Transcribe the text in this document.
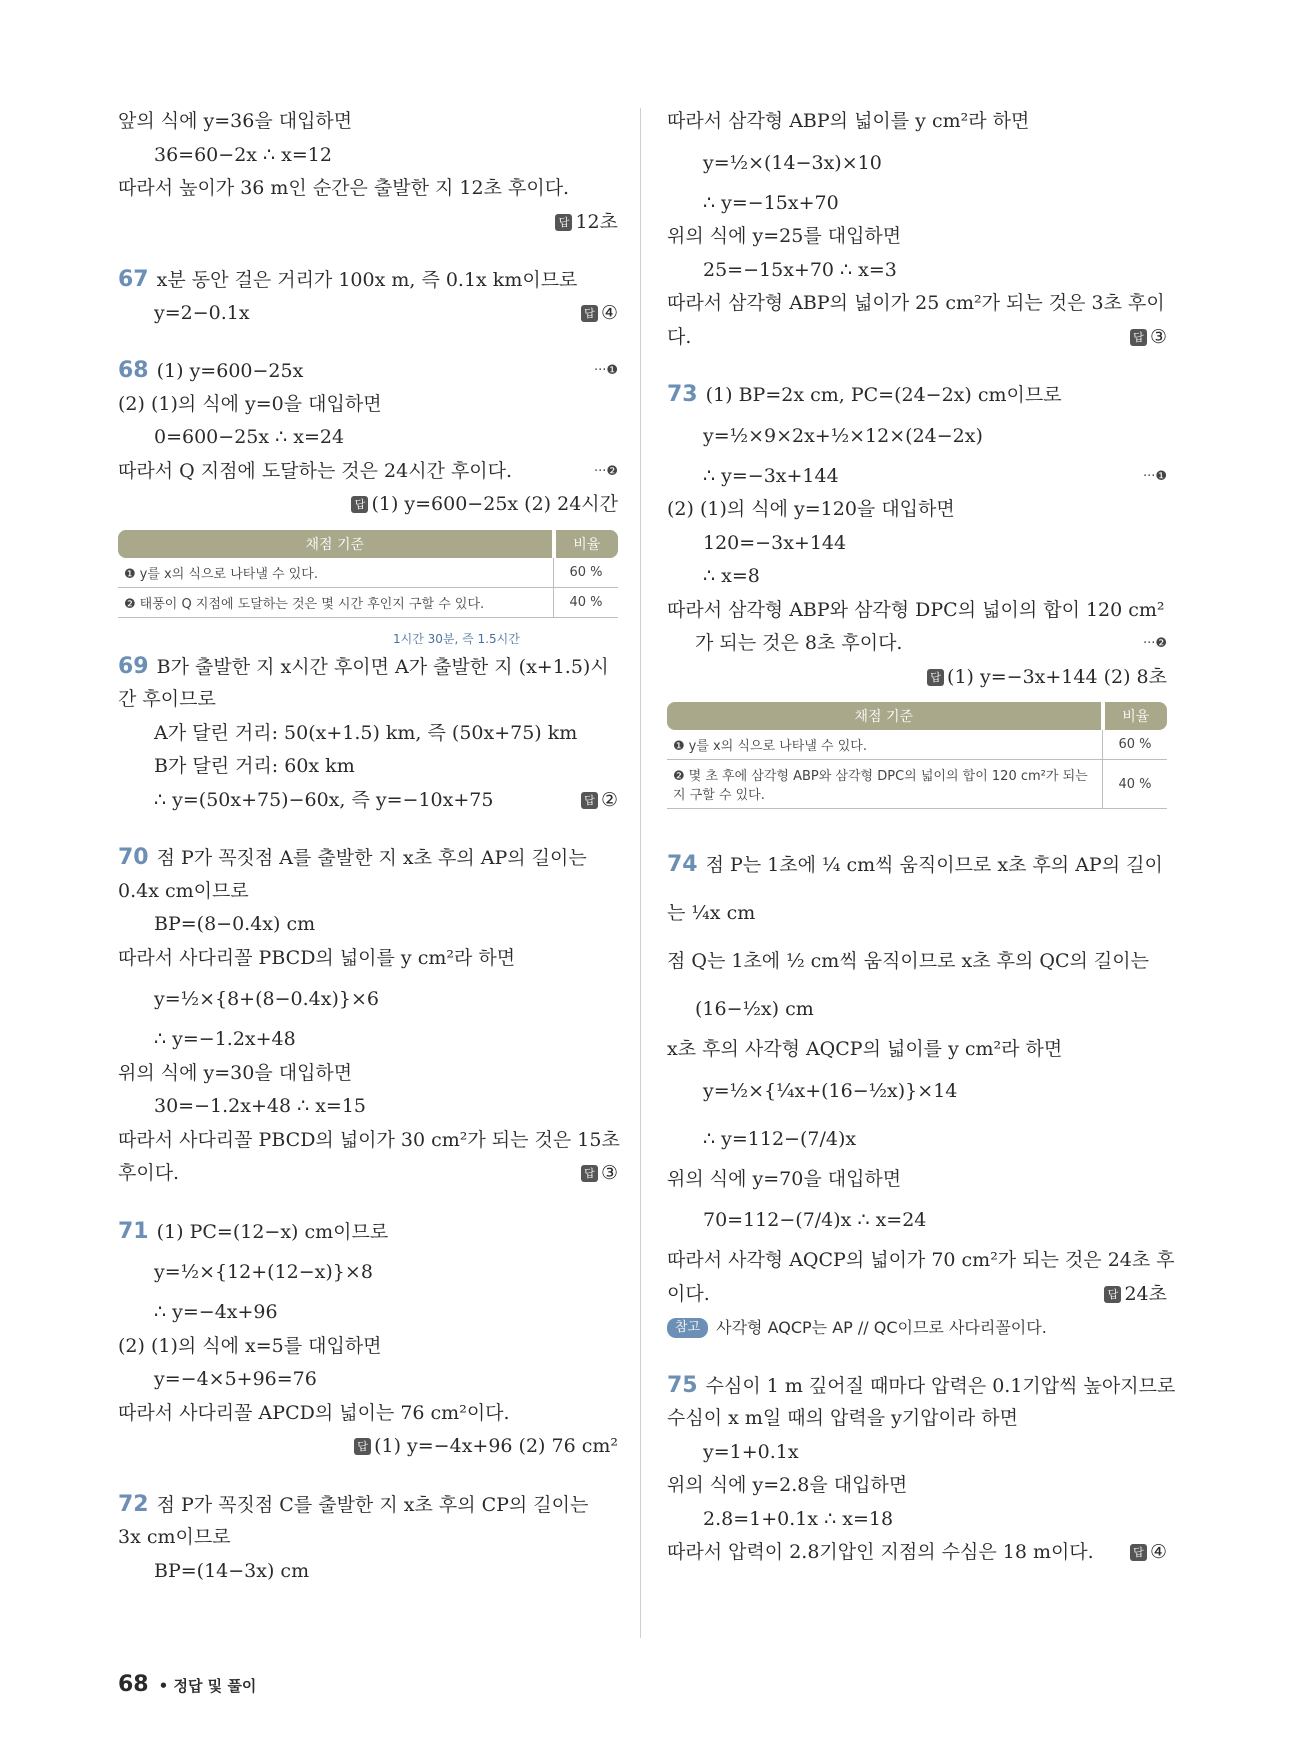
앞의 식에 y=36을 대입하면
36=60−2x ∴ x=12
따라서 높이가 36 m인 순간은 출발한 지 12초 후이다.
답 12초
67 x분 동안 걸은 거리가 100x m, 즉 0.1x km이므로
y=2−0.1x	답 ④
68 (1) y=600−25x	···❶
(2) (1)의 식에 y=0을 대입하면
0=600−25x ∴ x=24
따라서 Q 지점에 도달하는 것은 24시간 후이다.	···❷
답 (1) y=600−25x (2) 24시간
채점 기준	비율
❶ y를 x의 식으로 나타낼 수 있다.	60 %
❷ 태풍이 Q 지점에 도달하는 것은 몇 시간 후인지 구할 수 있다.	40 %
69 B가 출발한 지 x시간 후이면 A가 출발한 지 (x+1.5)시
간 후이므로
A가 달린 거리: 50(x+1.5) km, 즉 (50x+75) km
B가 달린 거리: 60x km
∴ y=(50x+75)−60x, 즉 y=−10x+75	답 ②
70 점 P가 꼭짓점 A를 출발한 지 x초 후의 AP의 길이는
0.4x cm이므로
BP=(8−0.4x) cm
따라서 사다리꼴 PBCD의 넓이를 y cm²라 하면
y=½×{8+(8−0.4x)}×6
∴ y=−1.2x+48
위의 식에 y=30을 대입하면
30=−1.2x+48 ∴ x=15
따라서 사다리꼴 PBCD의 넓이가 30 cm²가 되는 것은 15초
후이다.	답 ③
71 (1) PC=(12−x) cm이므로
y=½×{12+(12−x)}×8
∴ y=−4x+96
(2) (1)의 식에 x=5를 대입하면
y=−4×5+96=76
따라서 사다리꼴 APCD의 넓이는 76 cm²이다.
답 (1) y=−4x+96 (2) 76 cm²
72 점 P가 꼭짓점 C를 출발한 지 x초 후의 CP의 길이는
3x cm이므로
BP=(14−3x) cm
1시간 30분, 즉 1.5시간
따라서 삼각형 ABP의 넓이를 y cm²라 하면
y=½×(14−3x)×10
∴ y=−15x+70
위의 식에 y=25를 대입하면
25=−15x+70 ∴ x=3
따라서 삼각형 ABP의 넓이가 25 cm²가 되는 것은 3초 후이
다.	답 ③
73 (1) BP=2x cm, PC=(24−2x) cm이므로
y=½×9×2x+½×12×(24−2x)
∴ y=−3x+144	···❶
(2) (1)의 식에 y=120을 대입하면
120=−3x+144
∴ x=8
따라서 삼각형 ABP와 삼각형 DPC의 넓이의 합이 120 cm²
가 되는 것은 8초 후이다.	···❷
답 (1) y=−3x+144 (2) 8초
채점 기준	비율
❶ y를 x의 식으로 나타낼 수 있다.	60 %
❷ 몇 초 후에 삼각형 ABP와 삼각형 DPC의 넓이의 합이 120 cm²가 되는지 구할 수 있다.	40 %
74 점 P는 1초에 ¼ cm씩 움직이므로 x초 후의 AP의 길이
는 ¼x cm
점 Q는 1초에 ½ cm씩 움직이므로 x초 후의 QC의 길이는
(16−½x) cm
x초 후의 사각형 AQCP의 넓이를 y cm²라 하면
y=½×{¼x+(16−½x)}×14
∴ y=112−(7/4)x
위의 식에 y=70을 대입하면
70=112−(7/4)x ∴ x=24
따라서 사각형 AQCP의 넓이가 70 cm²가 되는 것은 24초 후
이다.	답 24초
참고 사각형 AQCP는 AP // QC이므로 사다리꼴이다.
75 수심이 1 m 깊어질 때마다 압력은 0.1기압씩 높아지므로
수심이 x m일 때의 압력을 y기압이라 하면
y=1+0.1x
위의 식에 y=2.8을 대입하면
2.8=1+0.1x ∴ x=18
따라서 압력이 2.8기압인 지점의 수심은 18 m이다.	답 ④
68 • 정답 및 풀이
